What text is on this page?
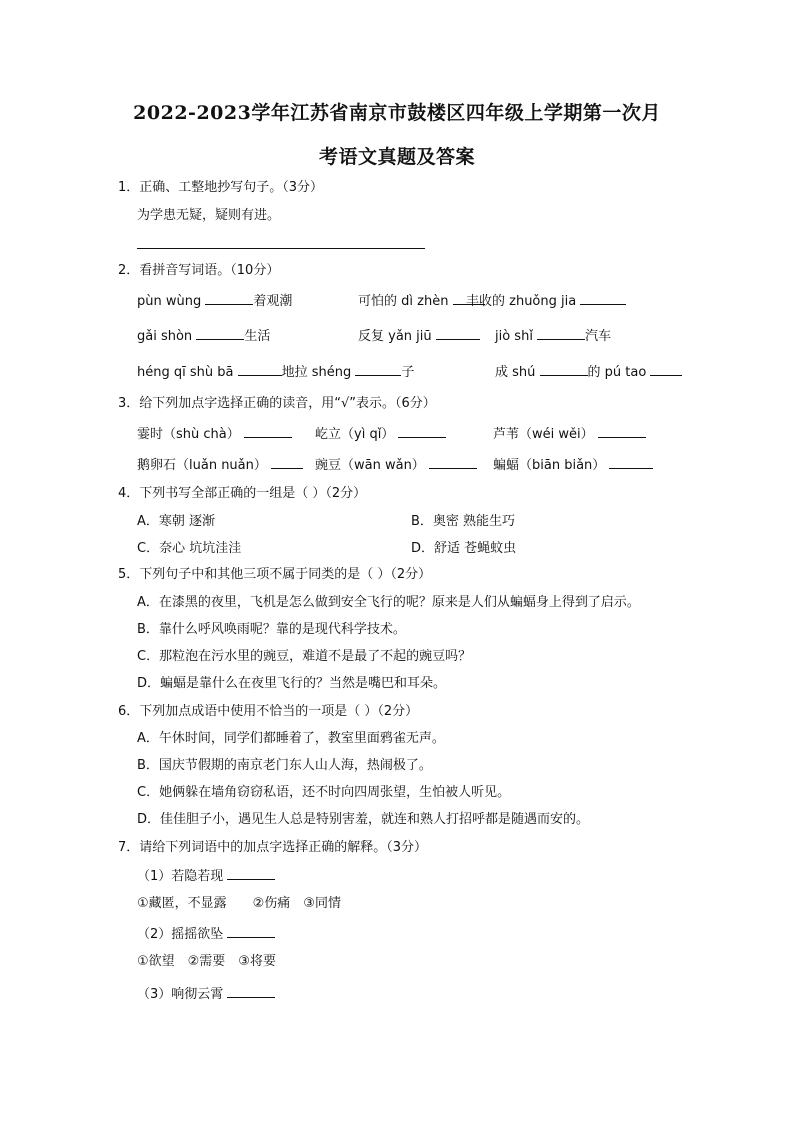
2022-2023学年江苏省南京市鼓楼区四年级上学期第一次月
考语文真题及答案
1．正确、工整地抄写句子。（3分）
为学患无疑，疑则有进。
2．看拼音写词语。（10分）
pùn wùng	着观潮	可怕的 dì zhèn	丰收的 zhuǒng jia
gǎi shòn	生活	反复 yǎn jiū	jiò shǐ	汽车
héng qī shù bā	地拉 shéng	子	成 shú	的 pú tao
3．给下列加点字选择正确的读音，用“√”表示。（6分）
霎时（shù chà）	屹立（yì qǐ）	芦苇（wéi wěi）
鹅卵石（luǎn nuǎn）	豌豆（wān wǎn）	蝙蝠（biān biǎn）
4．下列书写全部正确的一组是（ ）（2分）
A．寒朝 逐渐	B．奥密 熟能生巧
C．奈心 坑坑洼洼	D．舒适 苍蝇蚊虫
5．下列句子中和其他三项不属于同类的是（ ）（2分）
A．在漆黑的夜里，飞机是怎么做到安全飞行的呢？原来是人们从蝙蝠身上得到了启示。
B．靠什么呼风唤雨呢？靠的是现代科学技术。
C．那粒泡在污水里的豌豆，难道不是最了不起的豌豆吗？
D．蝙蝠是靠什么在夜里飞行的？当然是嘴巴和耳朵。
6．下列加点成语中使用不恰当的一项是（ ）（2分）
A．午休时间，同学们都睡着了，教室里面鸦雀无声。
B．国庆节假期的南京老门东人山人海，热闹极了。
C．她俩躲在墙角窃窃私语，还不时向四周张望，生怕被人听见。
D．佳佳胆子小，遇见生人总是特别害羞，就连和熟人打招呼都是随遇而安的。
7．请给下列词语中的加点字选择正确的解释。（3分）
（1）若隐若现
①藏匿，不显露　　②伤痛　③同情
（2）摇摇欲坠
①欲望　②需要　③将要
（3）响彻云霄
